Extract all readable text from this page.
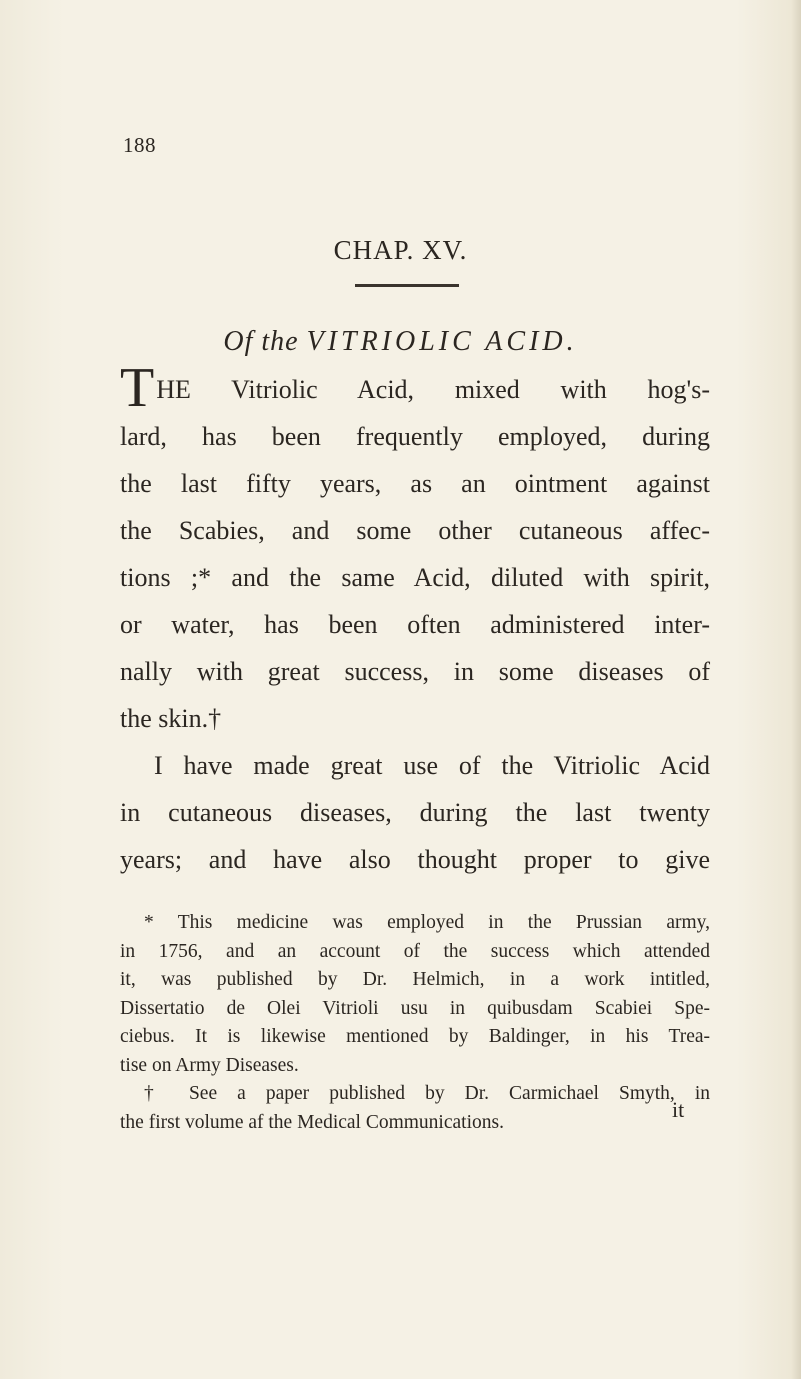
188
CHAP. XV.
Of the VITRIOLIC ACID.
THE Vitriolic Acid, mixed with hog's-
lard, has been frequently employed, during
the last fifty years, as an ointment against
the Scabies, and some other cutaneous affec-
tions ;* and the same Acid, diluted with spirit,
or water, has been often administered inter-
nally with great success, in some diseases of
the skin.†
I have made great use of the Vitriolic Acid
in cutaneous diseases, during the last twenty
years; and have also thought proper to give
* This medicine was employed in the Prussian army,
in 1756, and an account of the success which attended
it, was published by Dr. Helmich, in a work intitled,
Dissertatio de Olei Vitrioli usu in quibusdam Scabiei Spe-
ciebus. It is likewise mentioned by Baldinger, in his Trea-
tise on Army Diseases.
† See a paper published by Dr. Carmichael Smyth, in
the first volume af the Medical Communications.	it
